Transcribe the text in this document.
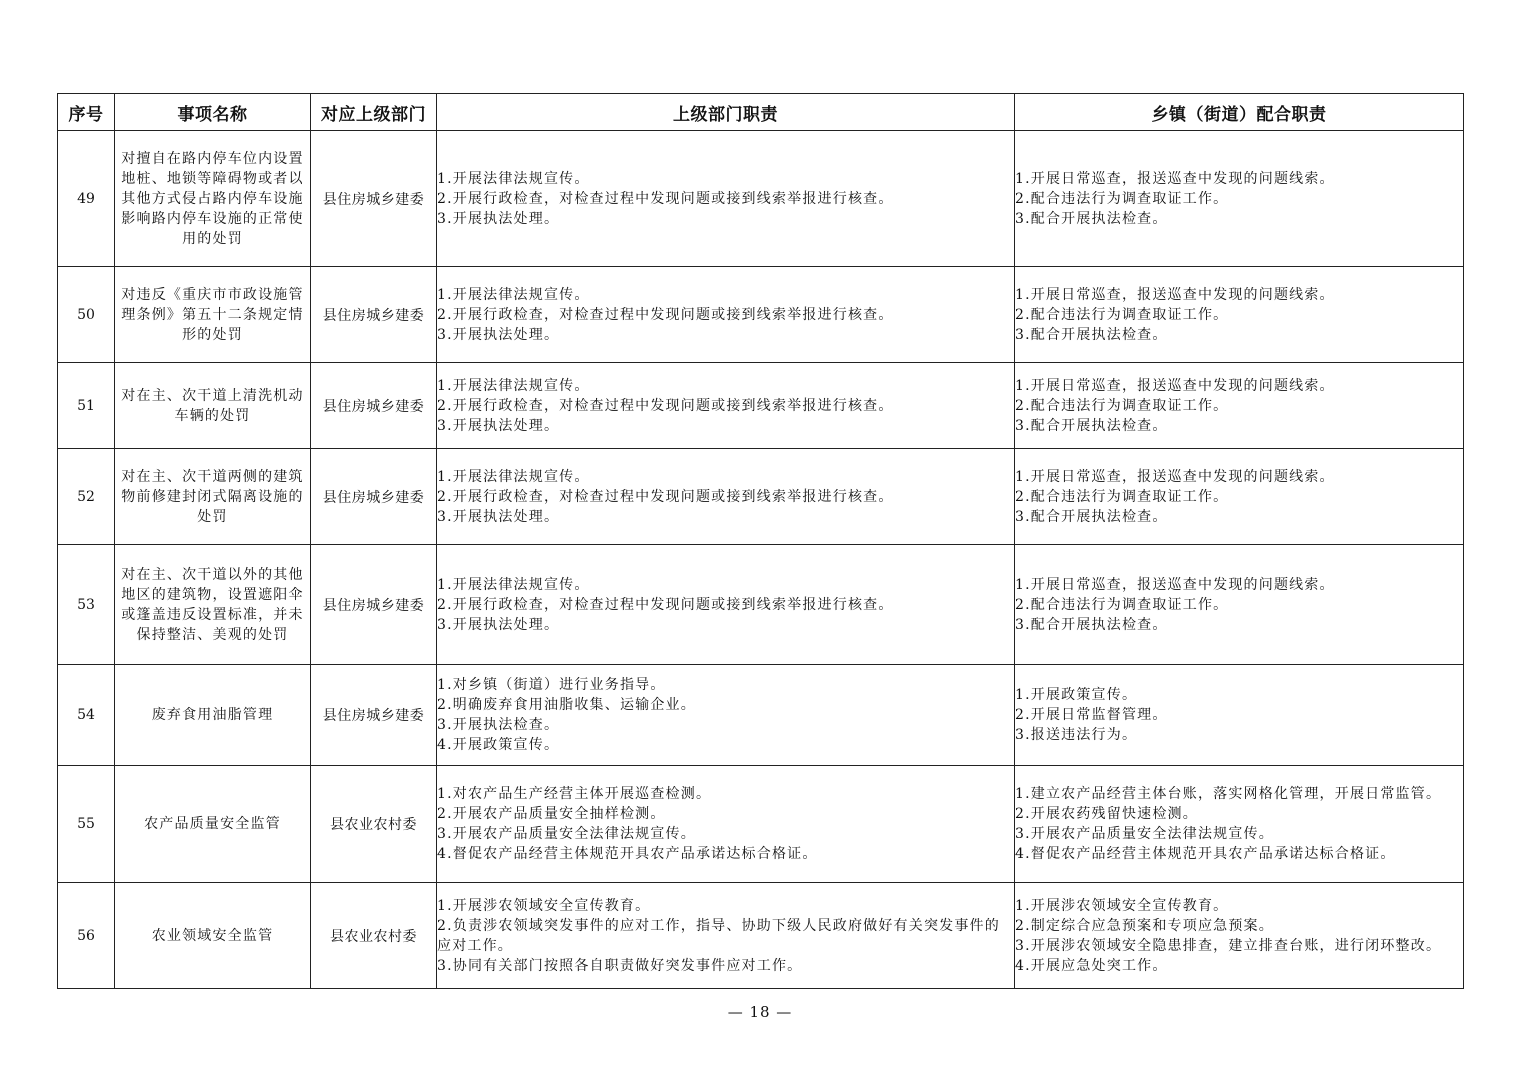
序号	事项名称	对应上级部门	上级部门职责	乡镇（街道）配合职责
49	对擅自在路内停车位内设置地桩、地锁等障碍物或者以其他方式侵占路内停车设施影响路内停车设施的正常使用的处罚	县住房城乡建委	1.开展法律法规宣传。
2.开展行政检查，对检查过程中发现问题或接到线索举报进行核查。
3.开展执法处理。	1.开展日常巡查，报送巡查中发现的问题线索。
2.配合违法行为调查取证工作。
3.配合开展执法检查。

50	对违反《重庆市市政设施管理条例》第五十二条规定情形的处罚	县住房城乡建委	1.开展法律法规宣传。
2.开展行政检查，对检查过程中发现问题或接到线索举报进行核查。
3.开展执法处理。	1.开展日常巡查，报送巡查中发现的问题线索。
2.配合违法行为调查取证工作。
3.配合开展执法检查。

51	对在主、次干道上清洗机动车辆的处罚	县住房城乡建委	1.开展法律法规宣传。
2.开展行政检查，对检查过程中发现问题或接到线索举报进行核查。
3.开展执法处理。	1.开展日常巡查，报送巡查中发现的问题线索。
2.配合违法行为调查取证工作。
3.配合开展执法检查。

52	对在主、次干道两侧的建筑物前修建封闭式隔离设施的处罚	县住房城乡建委	1.开展法律法规宣传。
2.开展行政检查，对检查过程中发现问题或接到线索举报进行核查。
3.开展执法处理。	1.开展日常巡查，报送巡查中发现的问题线索。
2.配合违法行为调查取证工作。
3.配合开展执法检查。

53	对在主、次干道以外的其他地区的建筑物，设置遮阳伞或篷盖违反设置标准，并未保持整洁、美观的处罚	县住房城乡建委	1.开展法律法规宣传。
2.开展行政检查，对检查过程中发现问题或接到线索举报进行核查。
3.开展执法处理。	1.开展日常巡查，报送巡查中发现的问题线索。
2.配合违法行为调查取证工作。
3.配合开展执法检查。

54	废弃食用油脂管理	县住房城乡建委	1.对乡镇（街道）进行业务指导。
2.明确废弃食用油脂收集、运输企业。
3.开展执法检查。
4.开展政策宣传。	1.开展政策宣传。
2.开展日常监督管理。
3.报送违法行为。

55	农产品质量安全监管	县农业农村委	1.对农产品生产经营主体开展巡查检测。
2.开展农产品质量安全抽样检测。
3.开展农产品质量安全法律法规宣传。
4.督促农产品经营主体规范开具农产品承诺达标合格证。	1.建立农产品经营主体台账，落实网格化管理，开展日常监管。
2.开展农药残留快速检测。
3.开展农产品质量安全法律法规宣传。
4.督促农产品经营主体规范开具农产品承诺达标合格证。

56	农业领域安全监管	县农业农村委	1.开展涉农领域安全宣传教育。
2.负责涉农领域突发事件的应对工作，指导、协助下级人民政府做好有关突发事件的应对工作。
3.协同有关部门按照各自职责做好突发事件应对工作。	1.开展涉农领域安全宣传教育。
2.制定综合应急预案和专项应急预案。
3.开展涉农领域安全隐患排查，建立排查台账，进行闭环整改。
4.开展应急处突工作。
— 18 —
